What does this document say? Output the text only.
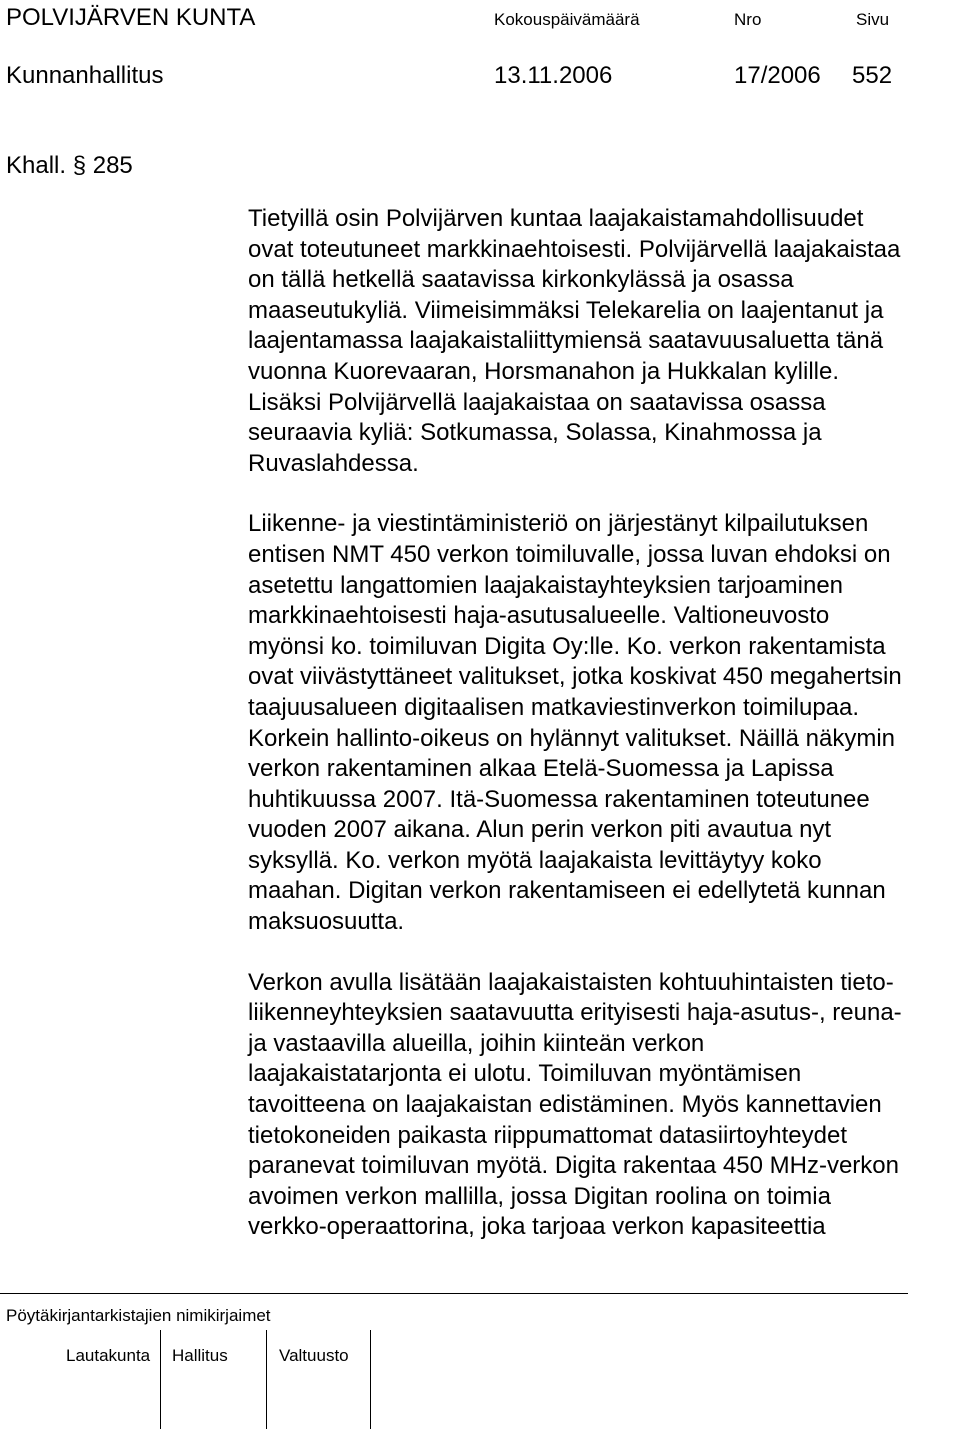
POLVIJÄRVEN KUNTA	Kokouspäivämäärä	Nro	Sivu
Kunnanhallitus	13.11.2006	17/2006 552
Khall. § 285

Tietyillä osin Polvijärven kuntaa laajakaistamahdollisuudet

ovat toteutuneet markkinaehtoisesti. Polvijärvellä laajakaistaa

on tällä hetkellä saatavissa kirkonkylässä ja osassa

maaseutukyliä. Viimeisimmäksi Telekarelia on laajentanut ja

laajentamassa laajakaistaliittymiensä saatavuusaluetta tänä

vuonna Kuorevaaran, Horsmanahon ja Hukkalan kylille.

Lisäksi Polvijärvellä laajakaistaa on saatavissa osassa

seuraavia kyliä: Sotkumassa, Solassa, Kinahmossa ja

Ruvaslahdessa.

Liikenne- ja viestintäministeriö on järjestänyt kilpailutuksen

entisen NMT 450 verkon toimiluvalle, jossa luvan ehdoksi on

asetettu langattomien laajakaistayhteyksien tarjoaminen

markkinaehtoisesti haja-asutusalueelle. Valtioneuvosto

myönsi ko. toimiluvan Digita Oy:lle. Ko. verkon rakentamista

ovat viivästyttäneet valitukset, jotka koskivat 450 megahertsin

taajuusalueen digitaalisen matkaviestinverkon toimilupaa.

Korkein hallinto-oikeus on hylännyt valitukset. Näillä näkymin

verkon rakentaminen alkaa Etelä-Suomessa ja Lapissa

huhtikuussa 2007. Itä-Suomessa rakentaminen toteutunee

vuoden 2007 aikana. Alun perin verkon piti avautua nyt

syksyllä. Ko. verkon myötä laajakaista levittäytyy koko

maahan. Digitan verkon rakentamiseen ei edellytetä kunnan

maksuosuutta.

Verkon avulla lisätään laajakaistaisten kohtuuhintaisten tieto-

liikenneyhteyksien saatavuutta erityisesti haja-asutus-, reuna-

ja vastaavilla alueilla, joihin kiinteän verkon

laajakaistatarjonta ei ulotu. Toimiluvan myöntämisen

tavoitteena on laajakaistan edistäminen. Myös kannettavien

tietokoneiden paikasta riippumattomat datasiirtoyhteydet

paranevat toimiluvan myötä. Digita rakentaa 450 MHz-verkon

avoimen verkon mallilla, jossa Digitan roolina on toimia

verkko-operaattorina, joka tarjoaa verkon kapasiteettia

Pöytäkirjantarkistajien nimikirjaimet
Lautakunta Hallitus	Valtuusto
